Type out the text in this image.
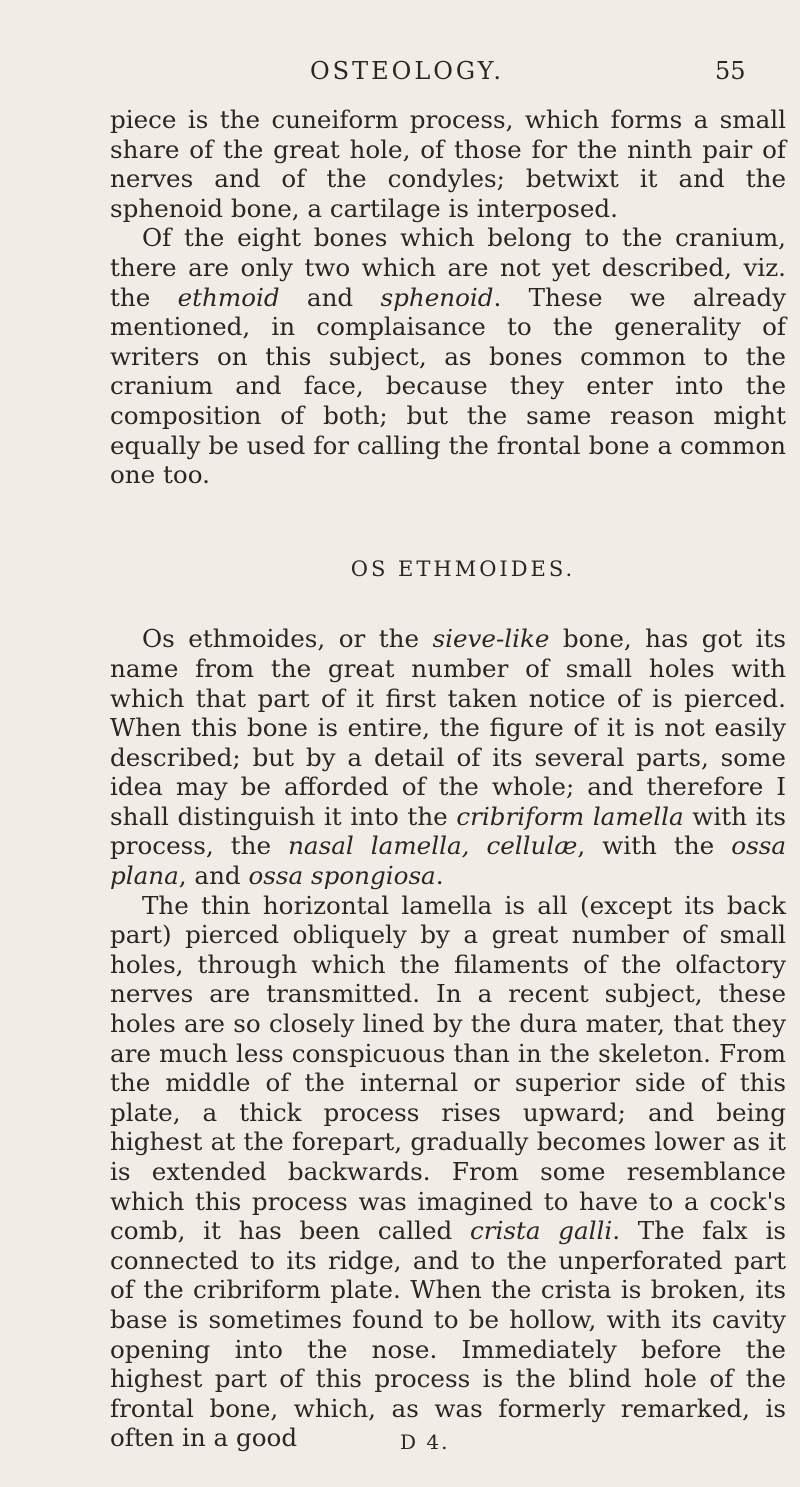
OSTEOLOGY.	55

piece is the cuneiform process, which forms a small share of the great hole, of those for the ninth pair of nerves and of the condyles; betwixt it and the sphenoid bone, a cartilage is interposed.

Of the eight bones which belong to the cranium, there are only two which are not yet described, viz. the ethmoid and sphenoid. These we already mentioned, in complaisance to the generality of writers on this subject, as bones common to the cranium and face, because they enter into the composition of both; but the same reason might equally be used for calling the frontal bone a common one too.

OS ETHMOIDES.

Os ethmoides, or the sieve-like bone, has got its name from the great number of small holes with which that part of it first taken notice of is pierced. When this bone is entire, the figure of it is not easily described; but by a detail of its several parts, some idea may be afforded of the whole; and therefore I shall distinguish it into the cribriform lamella with its process, the nasal lamella, cellulæ, with the ossa plana, and ossa spongiosa.

The thin horizontal lamella is all (except its back part) pierced obliquely by a great number of small holes, through which the filaments of the olfactory nerves are transmitted. In a recent subject, these holes are so closely lined by the dura mater, that they are much less conspicuous than in the skeleton. From the middle of the internal or superior side of this plate, a thick process rises upward; and being highest at the forepart, gradually becomes lower as it is extended backwards. From some resemblance which this process was imagined to have to a cock's comb, it has been called crista galli. The falx is connected to its ridge, and to the unperforated part of the cribriform plate. When the crista is broken, its base is sometimes found to be hollow, with its cavity opening into the nose. Immediately before the highest part of this process is the blind hole of the frontal bone, which, as was formerly remarked, is often in a good	D 4.
